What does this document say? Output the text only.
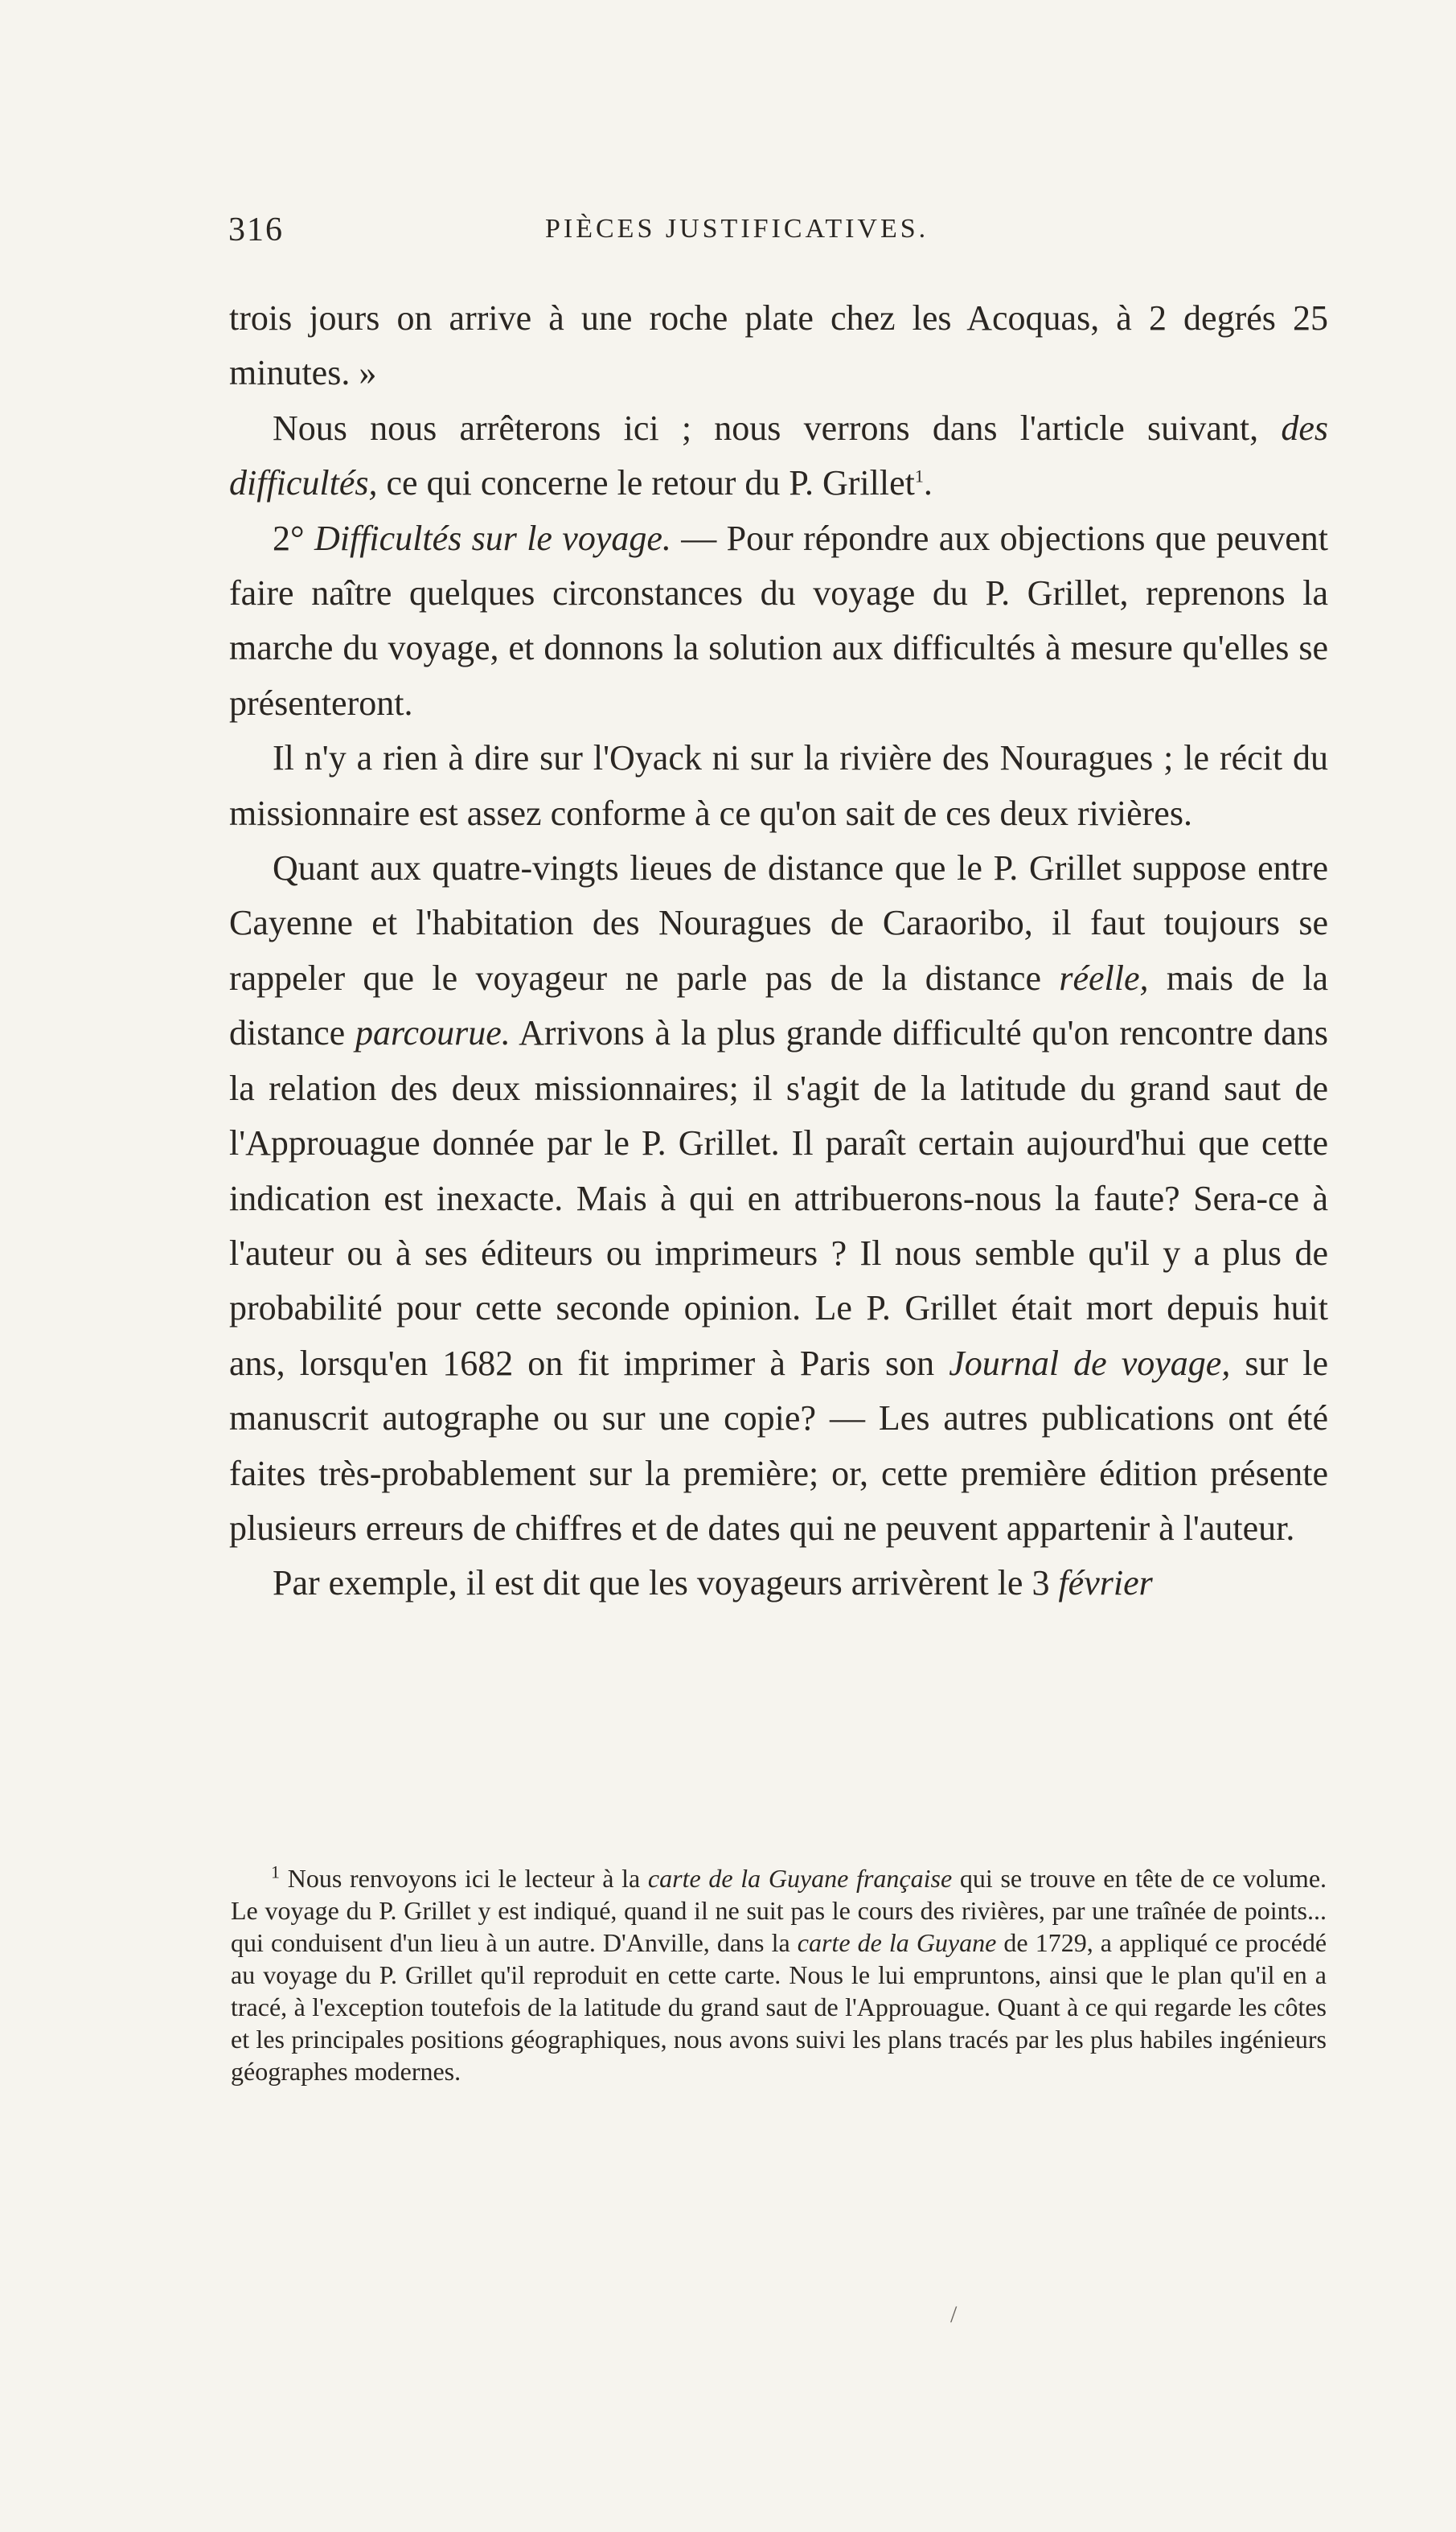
316	PIÈCES JUSTIFICATIVES.

trois jours on arrive à une roche plate chez les Acoquas, à 2 degrés 25 minutes. »

Nous nous arrêterons ici ; nous verrons dans l'article suivant, des difficultés, ce qui concerne le retour du P. Grillet$^1$.

2° Difficultés sur le voyage. — Pour répondre aux objections que peuvent faire naître quelques circonstances du voyage du P. Grillet, reprenons la marche du voyage, et donnons la solution aux difficultés à mesure qu'elles se présenteront.

Il n'y a rien à dire sur l'Oyack ni sur la rivière des Nouragues ; le récit du missionnaire est assez conforme à ce qu'on sait de ces deux rivières.

Quant aux quatre-vingts lieues de distance que le P. Grillet suppose entre Cayenne et l'habitation des Nouragues de Caraoribo, il faut toujours se rappeler que le voyageur ne parle pas de la distance réelle, mais de la distance parcourue. Arrivons à la plus grande difficulté qu'on rencontre dans la relation des deux missionnaires; il s'agit de la latitude du grand saut de l'Approuague donnée par le P. Grillet. Il paraît certain aujourd'hui que cette indication est inexacte. Mais à qui en attribuerons-nous la faute? Sera-ce à l'auteur ou à ses éditeurs ou imprimeurs ? Il nous semble qu'il y a plus de probabilité pour cette seconde opinion. Le P. Grillet était mort depuis huit ans, lorsqu'en 1682 on fit imprimer à Paris son Journal de voyage, sur le manuscrit autographe ou sur une copie? — Les autres publications ont été faites très-probablement sur la première; or, cette première édition présente plusieurs erreurs de chiffres et de dates qui ne peuvent appartenir à l'auteur.

Par exemple, il est dit que les voyageurs arrivèrent le 3 février

$^1$ Nous renvoyons ici le lecteur à la carte de la Guyane française qui se trouve en tête de ce volume. Le voyage du P. Grillet y est indiqué, quand il ne suit pas le cours des rivières, par une traînée de points... qui conduisent d'un lieu à un autre. D'Anville, dans la carte de la Guyane de 1729, a appliqué ce procédé au voyage du P. Grillet qu'il reproduit en cette carte. Nous le lui empruntons, ainsi que le plan qu'il en a tracé, à l'exception toutefois de la latitude du grand saut de l'Approuague. Quant à ce qui regarde les côtes et les principales positions géographiques, nous avons suivi les plans tracés par les plus habiles ingénieurs géographes modernes.

/
